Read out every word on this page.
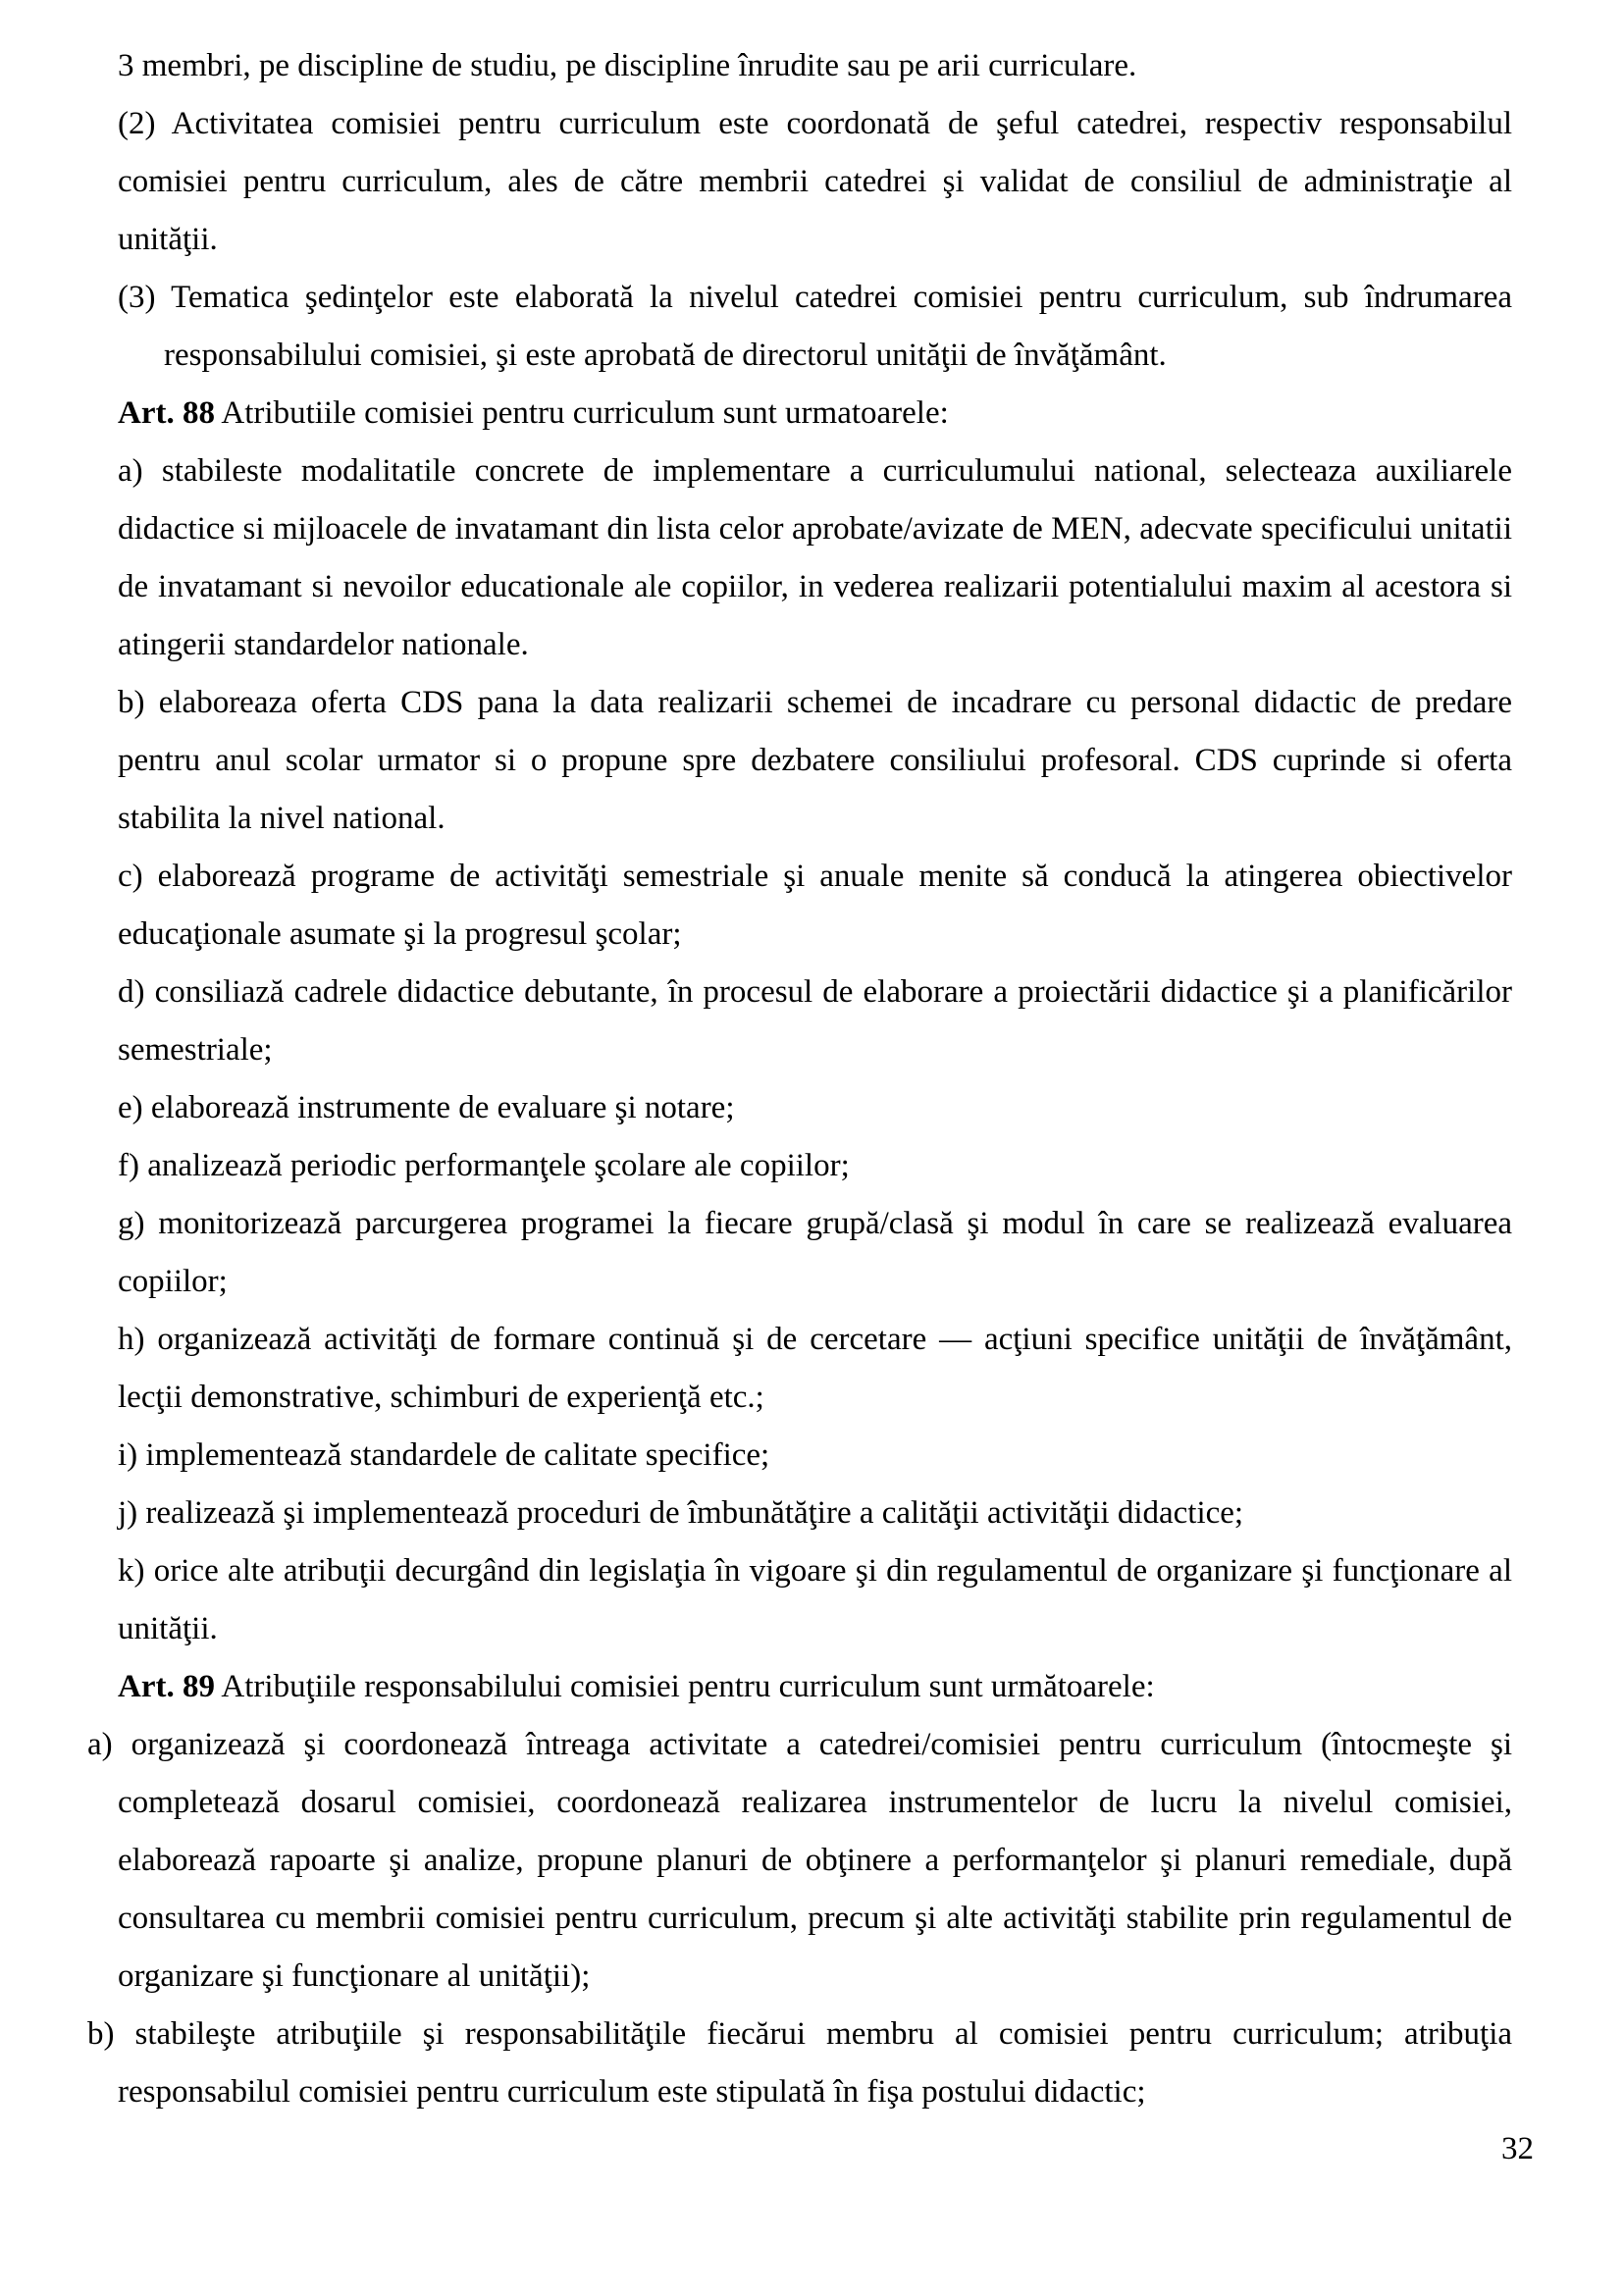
3 membri, pe discipline de studiu, pe discipline înrudite sau pe arii curriculare.
(2) Activitatea comisiei pentru curriculum este coordonată de şeful catedrei, respectiv responsabilul comisiei pentru curriculum, ales de către membrii catedrei şi validat de consiliul de administraţie al unităţii.
(3) Tematica şedinţelor este elaborată la nivelul catedrei comisiei pentru curriculum, sub îndrumarea responsabilului comisiei, şi este aprobată de directorul unităţii de învăţământ.
Art. 88 Atributiile comisiei pentru curriculum sunt urmatoarele:
a) stabileste modalitatile concrete de implementare a curriculumului national, selecteaza auxiliarele didactice si mijloacele de invatamant din lista celor aprobate/avizate de MEN, adecvate specificului unitatii de invatamant si nevoilor educationale ale copiilor, in vederea realizarii potentialului maxim al acestora si atingerii standardelor nationale.
b) elaboreaza oferta CDS pana la data realizarii schemei de incadrare cu personal didactic de predare pentru anul scolar urmator si o propune spre dezbatere consiliului profesoral. CDS cuprinde si oferta stabilita la nivel national.
c) elaborează programe de activităţi semestriale şi anuale menite să conducă la atingerea obiectivelor educaţionale asumate şi la progresul şcolar;
d) consiliază cadrele didactice debutante, în procesul de elaborare a proiectării didactice şi a planificărilor semestriale;
e) elaborează instrumente de evaluare şi notare;
f) analizează periodic performanţele şcolare ale copiilor;
g) monitorizează parcurgerea programei la fiecare grupă/clasă şi modul în care se realizează evaluarea copiilor;
h) organizează activităţi de formare continuă şi de cercetare — acţiuni specifice unităţii de învăţământ, lecţii demonstrative, schimburi de experienţă etc.;
i) implementează standardele de calitate specifice;
j) realizează şi implementează proceduri de îmbunătăţire a calităţii activităţii didactice;
k) orice alte atribuţii decurgând din legislaţia în vigoare şi din regulamentul de organizare şi funcţionare al unităţii.
Art. 89 Atribuţiile responsabilului comisiei pentru curriculum sunt următoarele:
a) organizează şi coordonează întreaga activitate a catedrei/comisiei pentru curriculum (întocmeşte şi completează dosarul comisiei, coordonează realizarea instrumentelor de lucru la nivelul comisiei, elaborează rapoarte şi analize, propune planuri de obţinere a performanţelor şi planuri remediale, după consultarea cu membrii comisiei pentru curriculum, precum şi alte activităţi stabilite prin regulamentul de organizare şi funcţionare al unităţii);
b) stabileşte atribuţiile şi responsabilităţile fiecărui membru al comisiei pentru curriculum; atribuţia responsabilul comisiei pentru curriculum este stipulată în fişa postului didactic;
32
